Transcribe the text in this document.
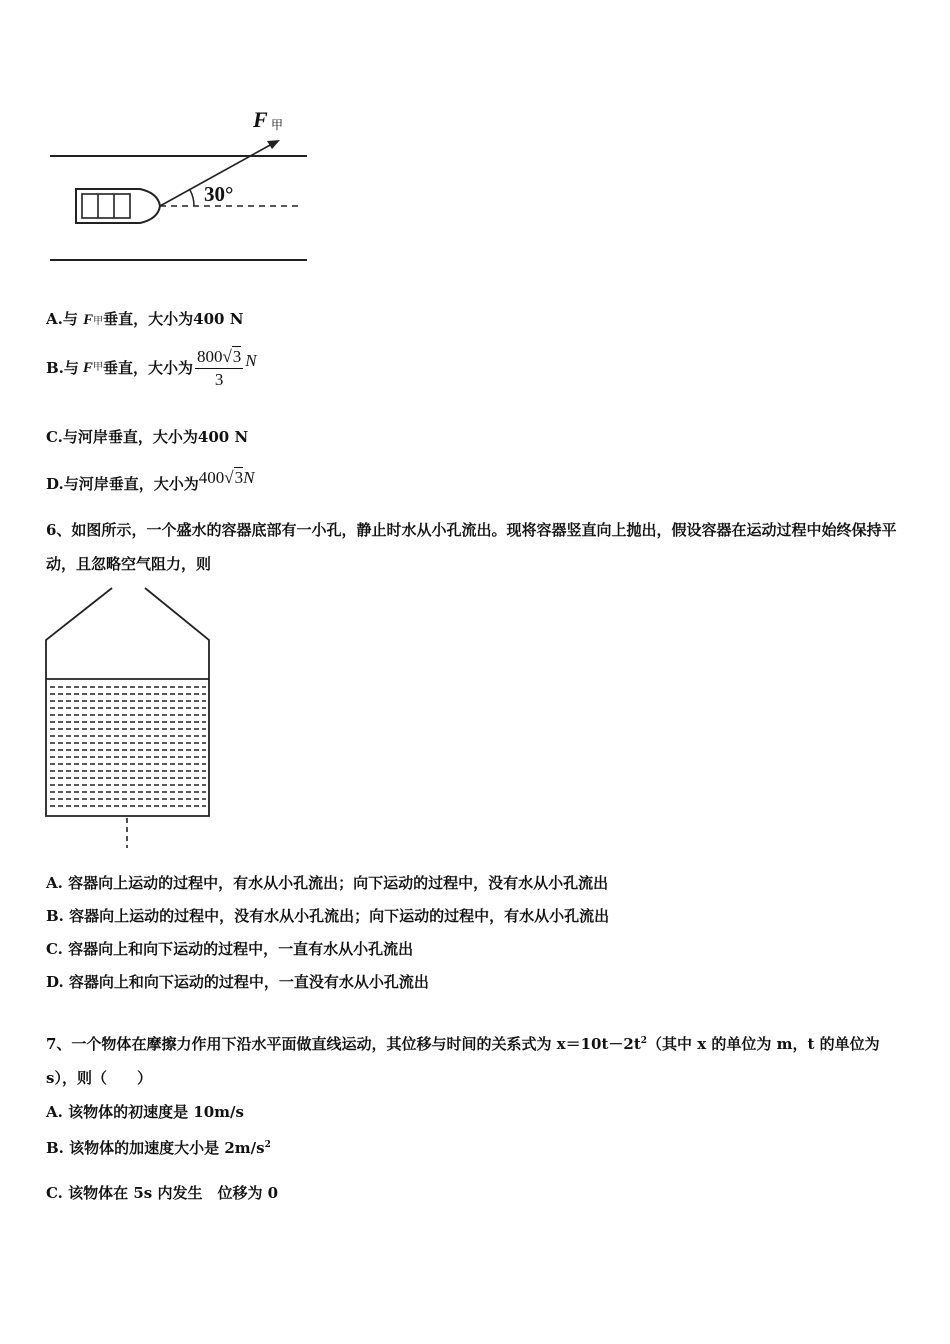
30°
F 甲
A.与 F甲垂直，大小为400 N
B. 与 F 甲 垂直，大小为 $\frac{800√3}{3}$ N
C.与河岸垂直，大小为400 N
D. 与河岸垂直，大小为 400√3N
6、如图所示，一个盛水的容器底部有一小孔，静止时水从小孔流出。现将容器竖直向上抛出，假设容器在运动过程中始终保持平动，且忽略空气阻力，则
A. 容器向上运动的过程中，有水从小孔流出；向下运动的过程中，没有水从小孔流出
B. 容器向上运动的过程中，没有水从小孔流出；向下运动的过程中，有水从小孔流出
C. 容器向上和向下运动的过程中，一直有水从小孔流出
D. 容器向上和向下运动的过程中，一直没有水从小孔流出
7、一个物体在摩擦力作用下沿水平面做直线运动，其位移与时间的关系式为 $x=10t-2t^2$（其中 x 的单位为 m，t 的单位为 s），则（　　）
A. 该物体的初速度是 10m/s
B. 该物体的加速度大小是 $2m/s^2$
C. 该物体在 5s 内发生　位移为 0
